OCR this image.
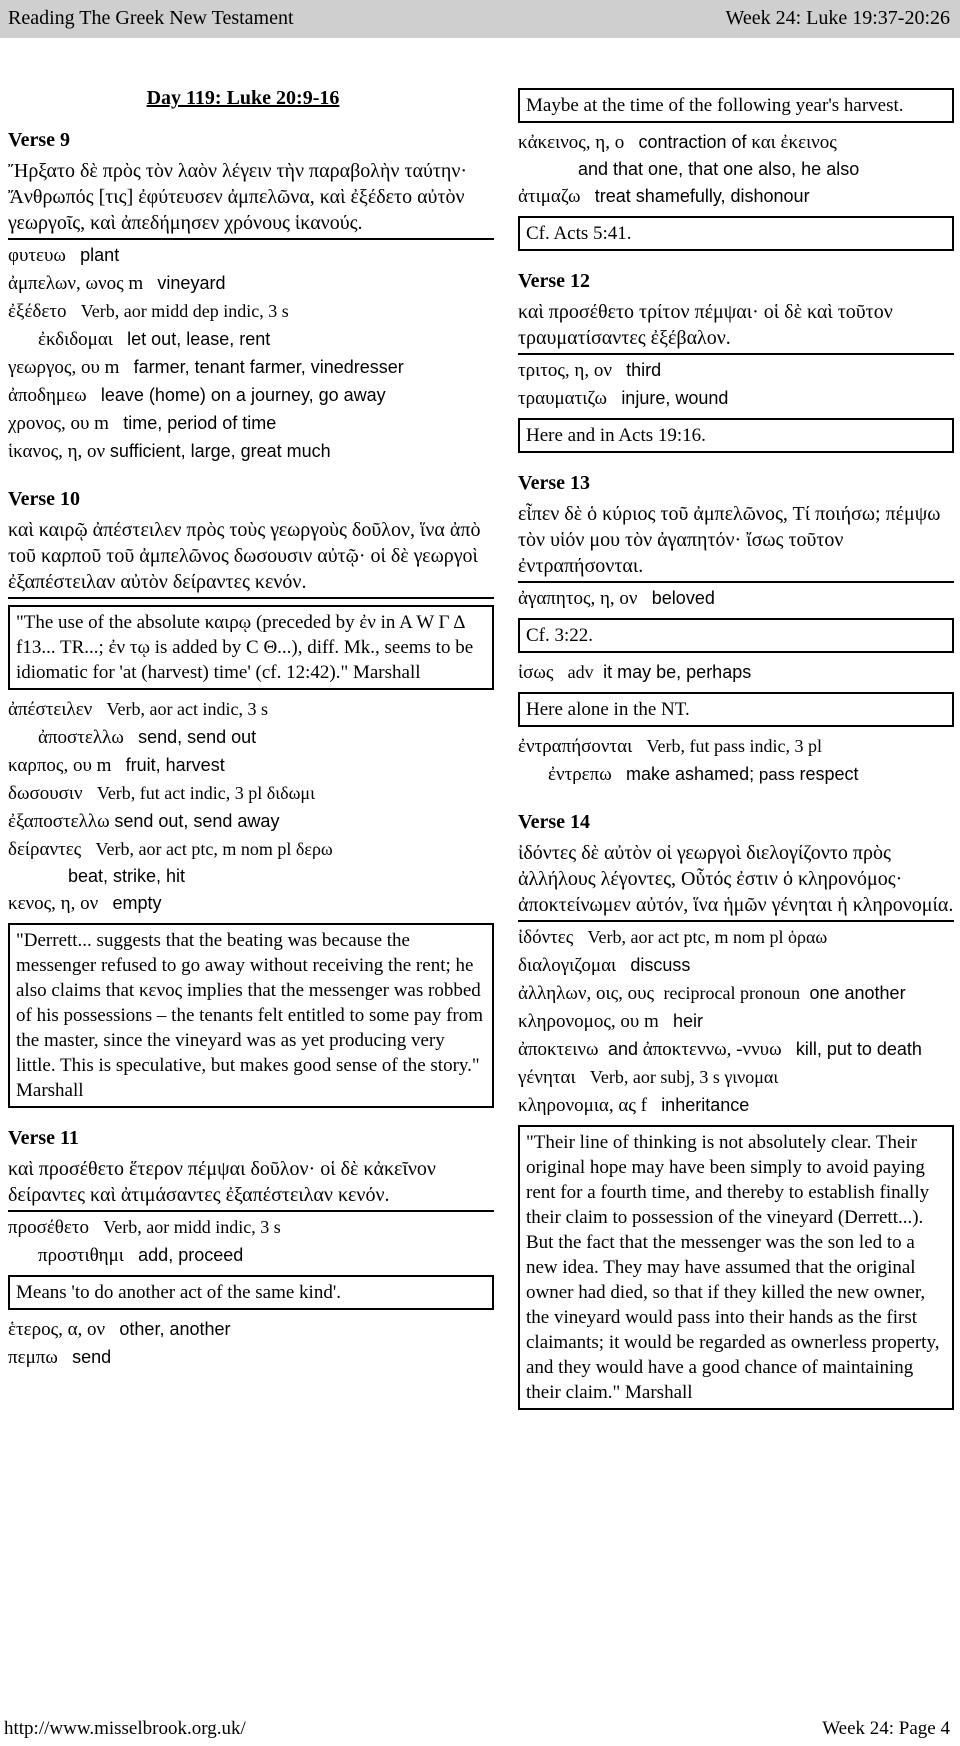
Reading The Greek New Testament	Week 24: Luke 19:37-20:26
Day 119: Luke 20:9-16
Verse 9
Ἤρξατο δὲ πρὸς τὸν λαὸν λέγειν τὴν παραβολὴν ταύτην· Ἄνθρωπός [τις] ἐφύτευσεν ἀμπελῶνα, καὶ ἐξέδετο αὐτὸν γεωργοῖς, καὶ ἀπεδήμησεν χρόνους ἱκανούς.
φυτευω plant
ἀμπελων, ωνος m vineyard
ἐξέδετο Verb, aor midd dep indic, 3 s
ἐκδιδομαι let out, lease, rent
γεωργος, ου m farmer, tenant farmer, vinedresser
ἀποδημεω leave (home) on a journey, go away
χρονος, ου m time, period of time
ἱκανος, η, ον sufficient, large, great much
Verse 10
καὶ καιρῷ ἀπέστειλεν πρὸς τοὺς γεωργοὺς δοῦλον, ἵνα ἀπὸ τοῦ καρποῦ τοῦ ἀμπελῶνος δωσουσιν αὐτῷ· οἱ δὲ γεωργοὶ ἐξαπέστειλαν αὐτὸν δείραντες κενόν.
"The use of the absolute καιρῳ (preceded by ἐν in A W Γ Δ f13... TR...; ἐν τῳ is added by C Θ...), diff. Mk., seems to be idiomatic for 'at (harvest) time' (cf. 12:42)." Marshall
ἀπέστειλεν Verb, aor act indic, 3 s
ἀποστελλω send, send out
καρπος, ου m fruit, harvest
δωσουσιν Verb, fut act indic, 3 pl διδωμι
ἐξαποστελλω send out, send away
δείραντες Verb, aor act ptc, m nom pl δερω
beat, strike, hit
κενος, η, ον empty
"Derrett... suggests that the beating was because the messenger refused to go away without receiving the rent; he also claims that κενος implies that the messenger was robbed of his possessions – the tenants felt entitled to some pay from the master, since the vineyard was as yet producing very little. This is speculative, but makes good sense of the story." Marshall
Verse 11
καὶ προσέθετο ἕτερον πέμψαι δοῦλον· οἱ δὲ κἀκεῖνον δείραντες καὶ ἀτιμάσαντες ἐξαπέστειλαν κενόν.
προσέθετο Verb, aor midd indic, 3 s
προστιθημι add, proceed
Means 'to do another act of the same kind'.
ἑτερος, α, ον other, another
πεμπω send
Maybe at the time of the following year's harvest.
κἀκεινος, η, ο contraction of και ἐκεινος
and that one, that one also, he also
ἀτιμαζω treat shamefully, dishonour
Cf. Acts 5:41.
Verse 12
καὶ προσέθετο τρίτον πέμψαι· οἱ δὲ καὶ τοῦτον τραυματίσαντες ἐξέβαλον.
τριτος, η, ον third
τραυματιζω injure, wound
Here and in Acts 19:16.
Verse 13
εἶπεν δὲ ὁ κύριος τοῦ ἀμπελῶνος, Τί ποιήσω; πέμψω τὸν υἱόν μου τὸν ἀγαπητόν· ἴσως τοῦτον ἐντραπήσονται.
ἀγαπητος, η, ον beloved
Cf. 3:22.
ἰσως adv it may be, perhaps
Here alone in the NT.
ἐντραπήσονται Verb, fut pass indic, 3 pl
ἐντρεπω make ashamed; pass respect
Verse 14
ἰδόντες δὲ αὐτὸν οἱ γεωργοὶ διελογίζοντο πρὸς ἀλλήλους λέγοντες, Οὗτός ἐστιν ὁ κληρονόμος· ἀποκτείνωμεν αὐτόν, ἵνα ἡμῶν γένηται ἡ κληρονομία.
ἰδόντες Verb, aor act ptc, m nom pl ὁραω
διαλογιζομαι discuss
ἀλληλων, οις, ους reciprocal pronoun one another
κληρονομος, ου m heir
ἀποκτεινω and ἀποκτεννω, -ννυω kill, put to death
γένηται Verb, aor subj, 3 s γινομαι
κληρονομια, ας f inheritance
"Their line of thinking is not absolutely clear. Their original hope may have been simply to avoid paying rent for a fourth time, and thereby to establish finally their claim to possession of the vineyard (Derrett...). But the fact that the messenger was the son led to a new idea. They may have assumed that the original owner had died, so that if they killed the new owner, the vineyard would pass into their hands as the first claimants; it would be regarded as ownerless property, and they would have a good chance of maintaining their claim." Marshall
http://www.misselbrook.org.uk/	Week 24: Page 4
